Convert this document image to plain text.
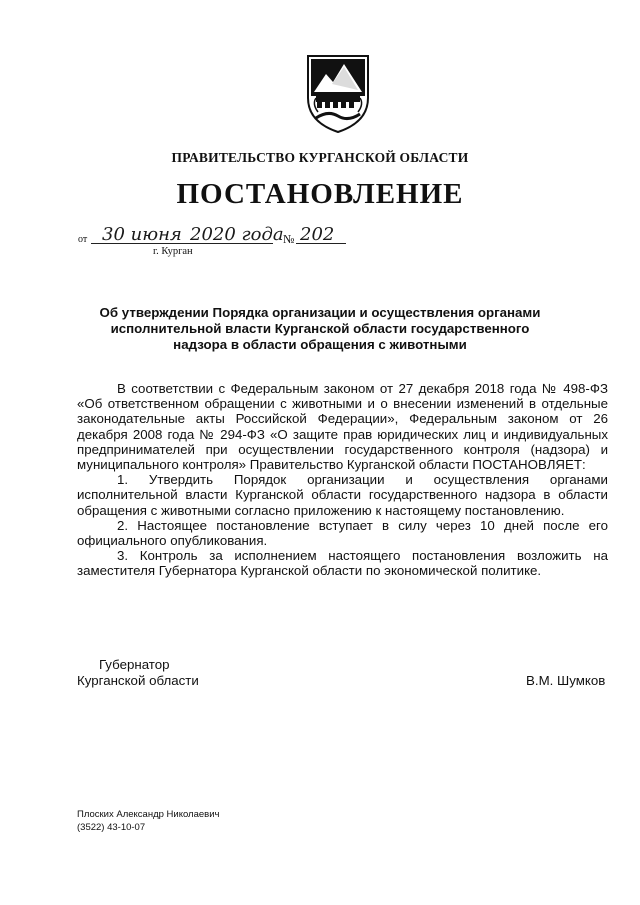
ПРАВИТЕЛЬСТВО КУРГАНСКОЙ ОБЛАСТИ
ПОСТАНОВЛЕНИЕ
от 30 июня 2020 года № 202
г. Курган
Об утверждении Порядка организации и осуществления органами исполнительной власти Курганской области государственного надзора в области обращения с животными

В соответствии с Федеральным законом от 27 декабря 2018 года № 498-ФЗ «Об ответственном обращении с животными и о внесении изменений в отдельные законодательные акты Российской Федерации», Федеральным законом от 26 декабря 2008 года № 294-ФЗ «О защите прав юридических лиц и индивидуальных предпринимателей при осуществлении государственного контроля (надзора) и муниципального контроля» Правительство Курганской области ПОСТАНОВЛЯЕТ:

1. Утвердить Порядок организации и осуществления органами исполнительной власти Курганской области государственного надзора в области обращения с животными согласно приложению к настоящему постановлению.

2. Настоящее постановление вступает в силу через 10 дней после его официального опубликования.

3. Контроль за исполнением настоящего постановления возложить на заместителя Губернатора Курганской области по экономической политике.

Губернатор
Курганской области	В.М. Шумков
Плоских Александр Николаевич
(3522) 43-10-07
